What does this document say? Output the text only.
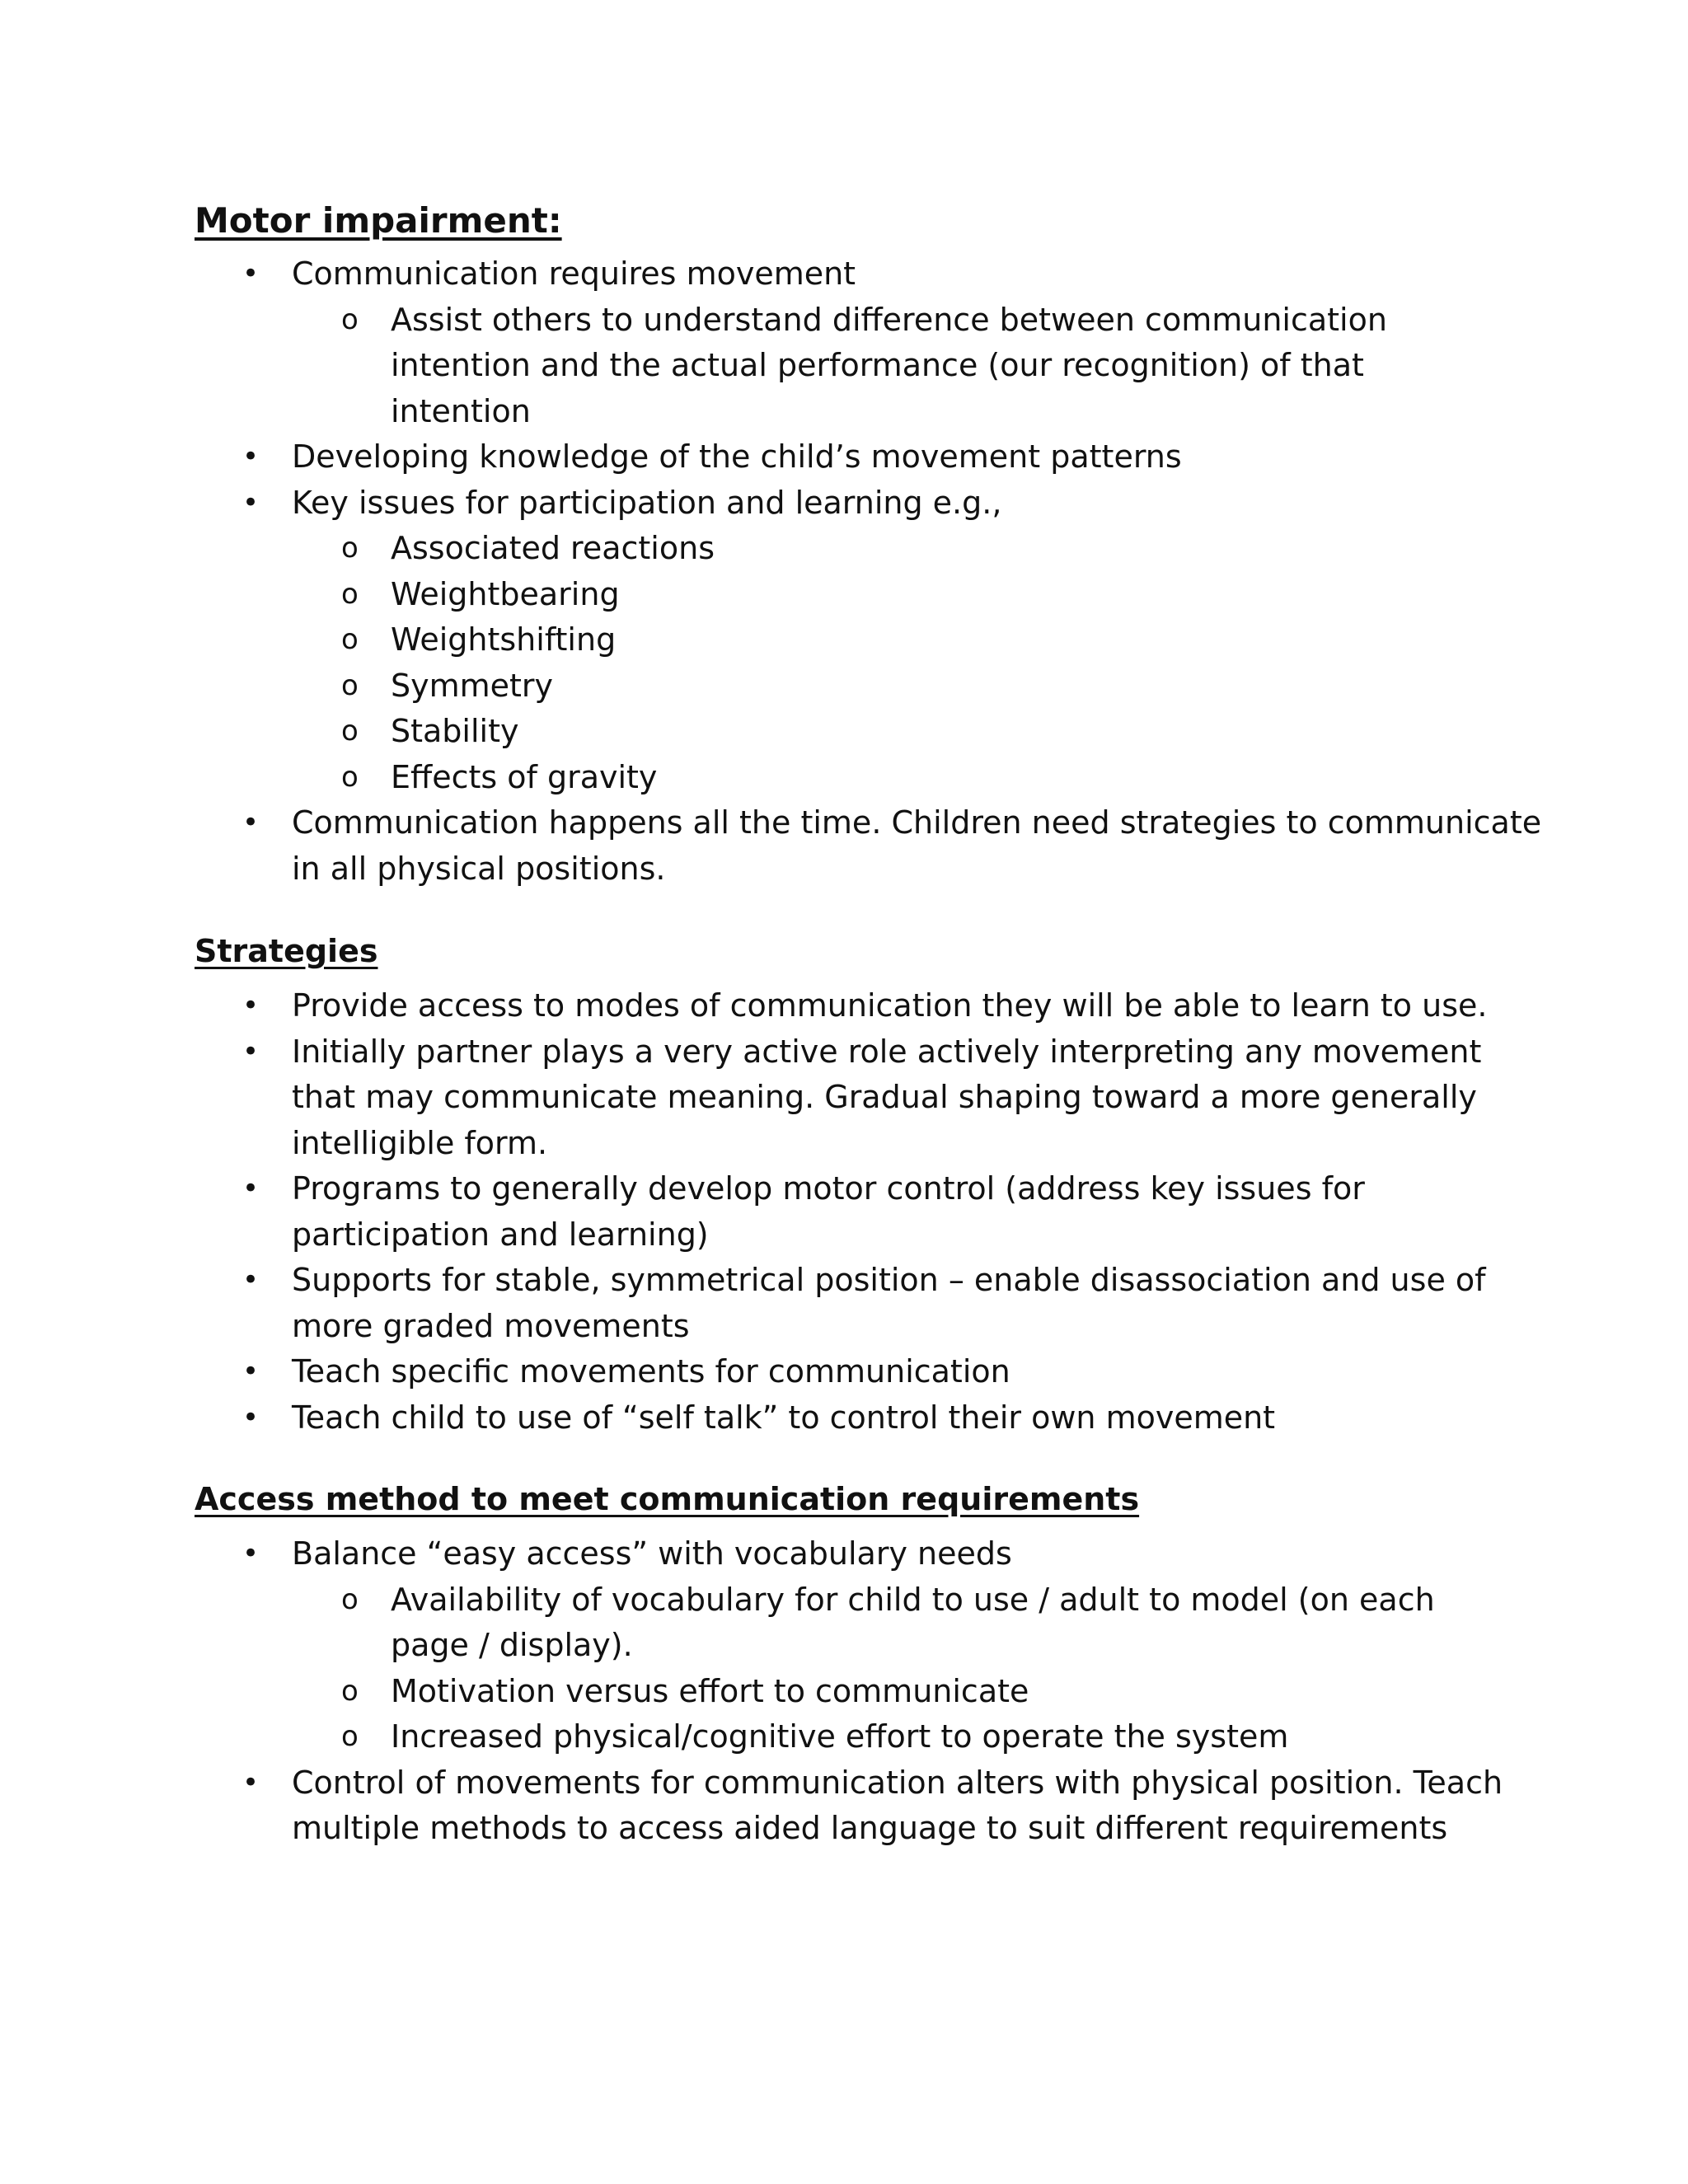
Motor impairment:
• Communication requires movement
o Assist others to understand difference between communication
intention and the actual performance (our recognition) of that
intention
• Developing knowledge of the child’s movement patterns
• Key issues for participation and learning e.g.,
o Associated reactions
o Weightbearing
o Weightshifting
o Symmetry
o Stability
o Effects of gravity
• Communication happens all the time. Children need strategies to communicate
in all physical positions.
Strategies
• Provide access to modes of communication they will be able to learn to use.
• Initially partner plays a very active role actively interpreting any movement
that may communicate meaning. Gradual shaping toward a more generally
intelligible form.
• Programs to generally develop motor control (address key issues for
participation and learning)
• Supports for stable, symmetrical position – enable disassociation and use of
more graded movements
• Teach specific movements for communication
• Teach child to use of “self talk” to control their own movement
Access method to meet communication requirements
• Balance “easy access” with vocabulary needs
o Availability of vocabulary for child to use / adult to model (on each
page / display).
o Motivation versus effort to communicate
o Increased physical/cognitive effort to operate the system
• Control of movements for communication alters with physical position. Teach
multiple methods to access aided language to suit different requirements
